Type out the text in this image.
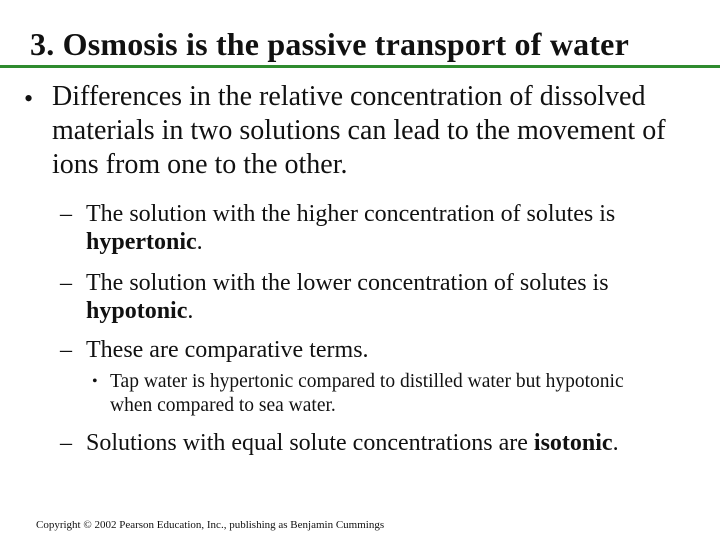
3. Osmosis is the passive transport of water
• Differences in the relative concentration of dissolved materials in two solutions can lead to the movement of ions from one to the other.
– The solution with the higher concentration of solutes is hypertonic.
– The solution with the lower concentration of solutes is hypotonic.
– These are comparative terms.
• Tap water is hypertonic compared to distilled water but hypotonic when compared to sea water.
– Solutions with equal solute concentrations are isotonic.
Copyright © 2002 Pearson Education, Inc., publishing as Benjamin Cummings
